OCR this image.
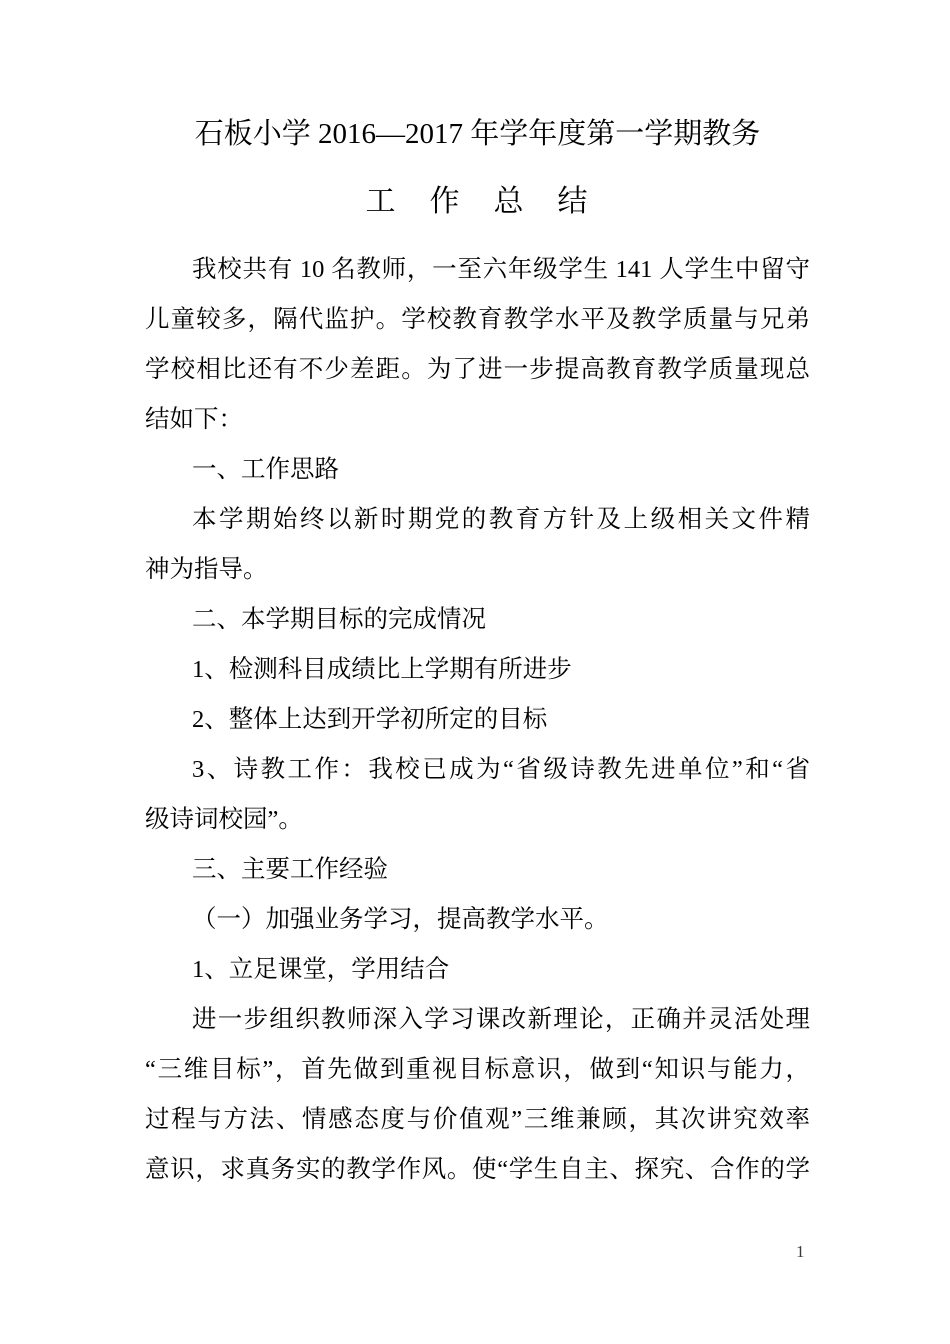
石板小学 2016—2017 年学年度第一学期教务
工　作　总　结
我校共有 10 名教师，一至六年级学生 141 人学生中留守
儿童较多，隔代监护。学校教育教学水平及教学质量与兄弟
学校相比还有不少差距。为了进一步提高教育教学质量现总
结如下：
一、工作思路
本学期始终以新时期党的教育方针及上级相关文件精
神为指导。
二、本学期目标的完成情况
1、检测科目成绩比上学期有所进步
2、整体上达到开学初所定的目标
3、诗教工作：我校已成为“省级诗教先进单位”和“省
级诗词校园”。
三、主要工作经验
（一）加强业务学习，提高教学水平。
1、立足课堂，学用结合
进一步组织教师深入学习课改新理论，正确并灵活处理
“三维目标”，首先做到重视目标意识，做到“知识与能力，
过程与方法、情感态度与价值观”三维兼顾，其次讲究效率
意识，求真务实的教学作风。使“学生自主、探究、合作的学
1
